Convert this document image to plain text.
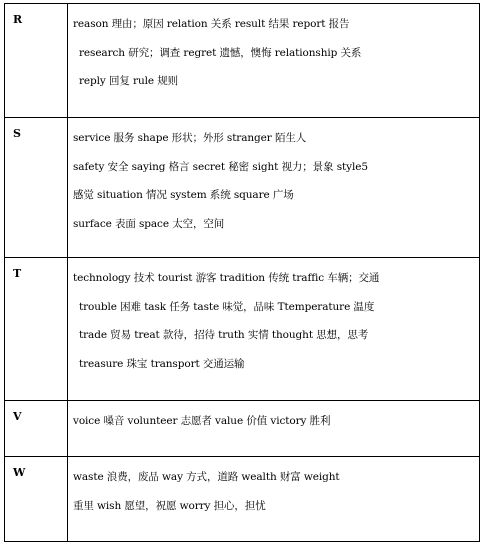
R	reason 理由；原因 relation 关系 result 结果 report 报告
research 研究；调查 regret 遗憾，懊悔 relationship 关系
reply 回复 rule 规则

S	service 服务 shape 形状；外形 stranger 陌生人
safety 安全 saying 格言 secret 秘密 sight 视力；景象 style5
感觉 situation 情况 system 系统 square 广场
surface 表面 space 太空，空间

T	technology 技术 tourist 游客 tradition 传统 traffic 车辆；交通
trouble 困难 task 任务 taste 味觉，品味 Ttemperature 温度
trade 贸易 treat 款待，招待 truth 实情 thought 思想，思考
treasure 珠宝 transport 交通运输

V	voice 嗓音 volunteer 志愿者 value 价值 victory 胜利

W	waste 浪费，废品 way 方式，道路 wealth 财富 weight
重里 wish 愿望，祝愿 worry 担心，担忧
